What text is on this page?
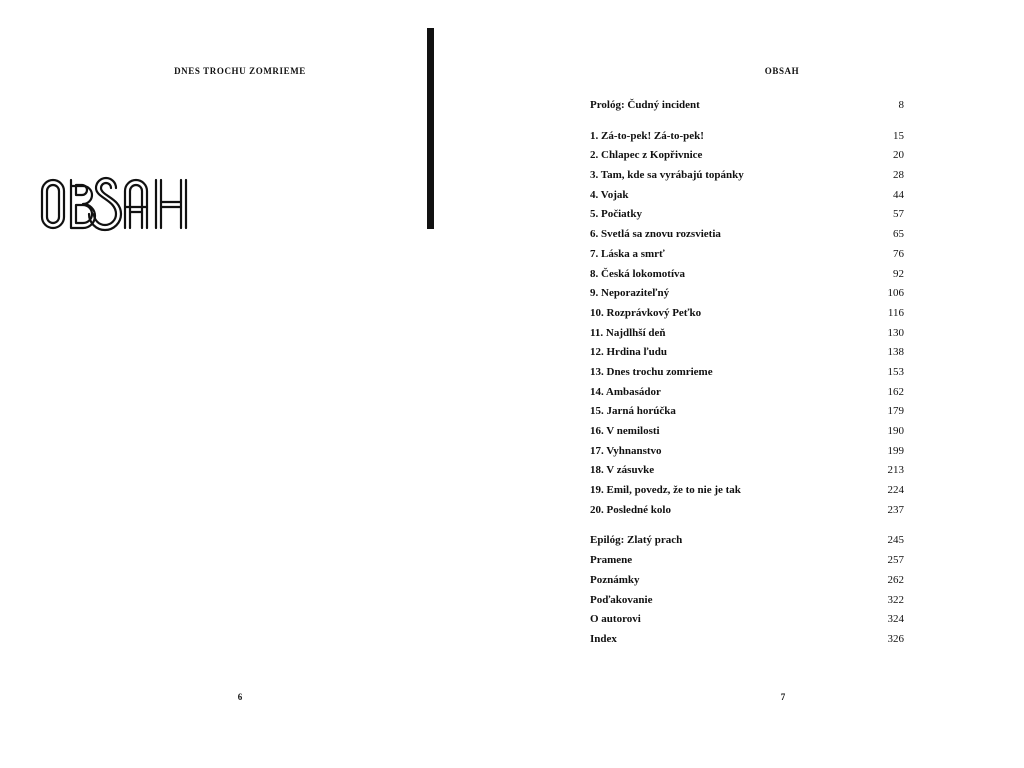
DNES TROCHU ZOMRIEME
6
OBSAH
Prológ: Čudný incident	8
1. Zá-to-pek! Zá-to-pek!	15
2. Chlapec z Kopřivnice	20
3. Tam, kde sa vyrábajú topánky	28
4. Vojak	44
5. Počiatky	57
6. Svetlá sa znovu rozsvietia	65
7. Láska a smrť	76
8. Česká lokomotíva	92
9. Neporaziteľný	106
10. Rozprávkový Peťko	116
11. Najdlhší deň	130
12. Hrdina ľudu	138
13. Dnes trochu zomrieme	153
14. Ambasádor	162
15. Jarná horúčka	179
16. V nemilosti	190
17. Vyhnanstvo	199
18. V zásuvke	213
19. Emil, povedz, že to nie je tak	224
20. Posledné kolo	237
Epilóg: Zlatý prach	245
Pramene	257
Poznámky	262
Poďakovanie	322
O autorovi	324
Index	326
7
